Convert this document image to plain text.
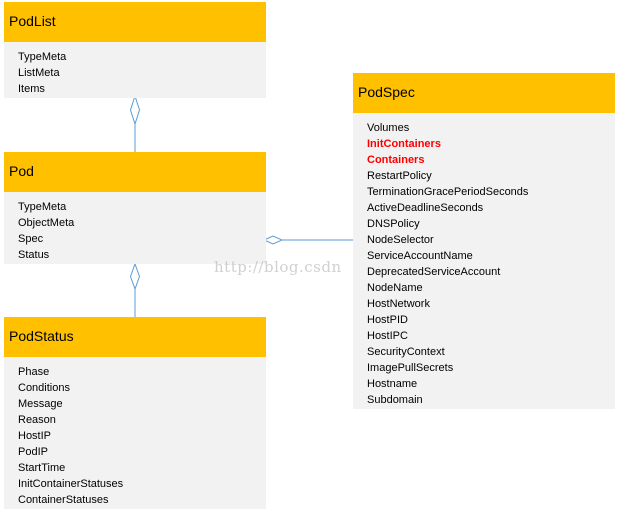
PodList
TypeMeta
ListMeta
Items
Pod
TypeMeta
ObjectMeta
Spec
Status
PodStatus
Phase
Conditions
Message
Reason
HostIP
PodIP
StartTime
InitContainerStatuses
ContainerStatuses
PodSpec
Volumes
InitContainers
Containers
RestartPolicy
TerminationGracePeriodSeconds
ActiveDeadlineSeconds
DNSPolicy
NodeSelector
ServiceAccountName
DeprecatedServiceAccount
NodeName
HostNetwork
HostPID
HostIPC
SecurityContext
ImagePullSecrets
Hostname
Subdomain
http://blog.csdn
